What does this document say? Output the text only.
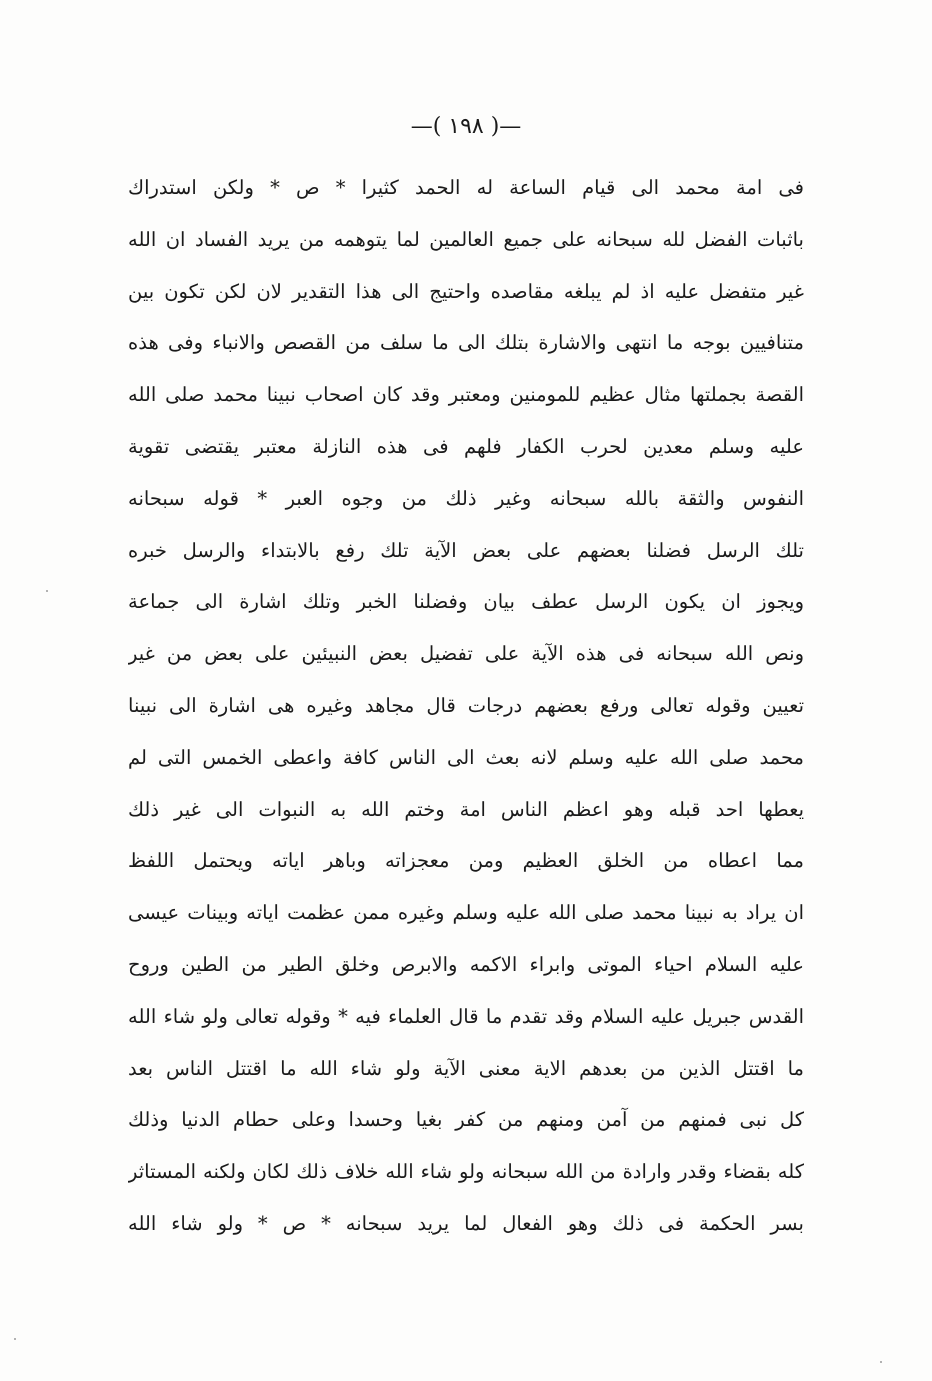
—( ١٩٨ )—
فى امة محمد الى قيام الساعة له الحمد كثيرا * ص * ولكن استدراك
باثبات الفضل لله سبحانه على جميع العالمين لما يتوهمه من يريد الفساد ان الله
غير متفضل عليه اذ لم يبلغه مقاصده واحتيج الى هذا التقدير لان لكن تكون بين
متنافيين بوجه ما انتهى والاشارة بتلك الى ما سلف من القصص والانباء وفى هذه
القصة بجملتها مثال عظيم للمومنين ومعتبر وقد كان اصحاب نبينا محمد صلى الله
عليه وسلم معدين لحرب الكفار فلهم فى هذه النازلة معتبر يقتضى تقوية
النفوس والثقة بالله سبحانه وغير ذلك من وجوه العبر * قوله سبحانه
تلك الرسل فضلنا بعضهم على بعض الآية تلك رفع بالابتداء والرسل خبره
ويجوز ان يكون الرسل عطف بيان وفضلنا الخبر وتلك اشارة الى جماعة
ونص الله سبحانه فى هذه الآية على تفضيل بعض النبيئين على بعض من غير
تعيين وقوله تعالى ورفع بعضهم درجات قال مجاهد وغيره هى اشارة الى نبينا
محمد صلى الله عليه وسلم لانه بعث الى الناس كافة واعطى الخمس التى لم
يعطها احد قبله وهو اعظم الناس امة وختم الله به النبوات الى غير ذلك
مما اعطاه من الخلق العظيم ومن معجزاته وباهر اياته ويحتمل اللفظ
ان يراد به نبينا محمد صلى الله عليه وسلم وغيره ممن عظمت اياته وبينات عيسى
عليه السلام احياء الموتى وابراء الاكمه والابرص وخلق الطير من الطين وروح
القدس جبريل عليه السلام وقد تقدم ما قال العلماء فيه * وقوله تعالى ولو شاء الله
ما اقتتل الذين من بعدهم الاية معنى الآية ولو شاء الله ما اقتتل الناس بعد
كل نبى فمنهم من آمن ومنهم من كفر بغيا وحسدا وعلى حطام الدنيا وذلك
كله بقضاء وقدر وارادة من الله سبحانه ولو شاء الله خلاف ذلك لكان ولكنه المستاثر
بسر الحكمة فى ذلك وهو الفعال لما يريد سبحانه * ص * ولو شاء الله
